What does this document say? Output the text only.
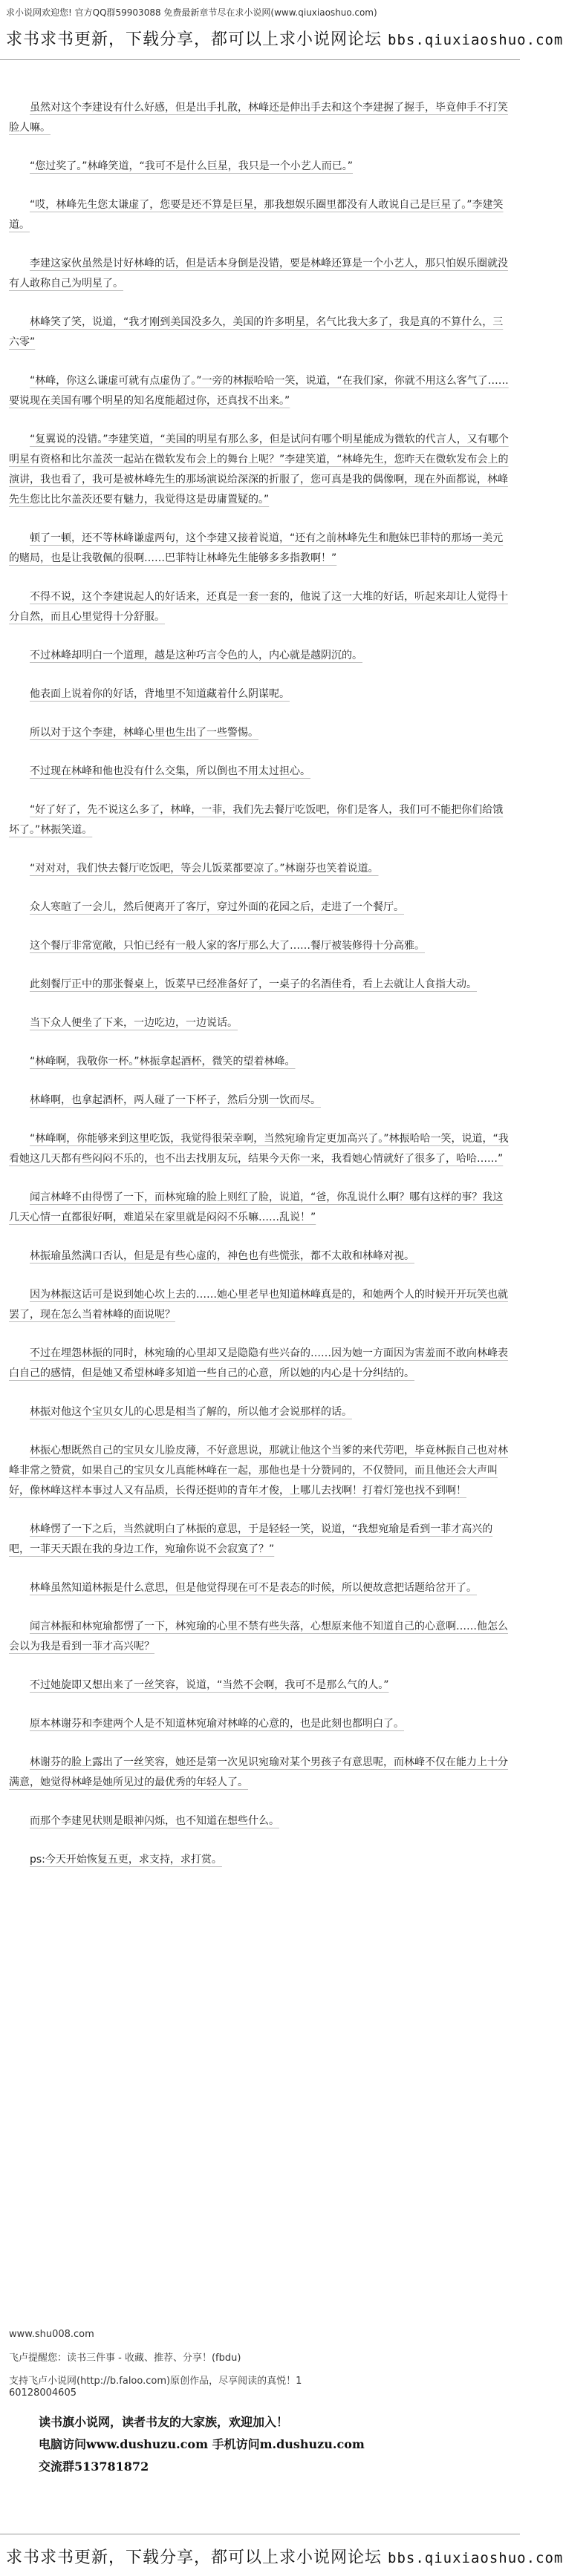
求小说网欢迎您! 官方QQ群59903088 免费最新章节尽在求小说网(www.qiuxiaoshuo.com)
求书求书更新，下载分享，都可以上求小说网论坛 bbs.qiuxiaoshuo.com

虽然对这个李建设有什么好感，但是出手扎散，林峰还是伸出手去和这个李建握了握手，毕竟伸手不打笑脸人嘛。

“您过奖了。”林峰笑道，“我可不是什么巨星，我只是一个小艺人而已。”

“哎，林峰先生您太谦虚了，您要是还不算是巨星，那我想娱乐圈里都没有人敢说自己是巨星了。”李建笑道。

李建这家伙虽然是讨好林峰的话，但是话本身倒是没错，要是林峰还算是一个小艺人，那只怕娱乐圈就没有人敢称自己为明星了。

林峰笑了笑，说道，“我才刚到美国没多久，美国的许多明星，名气比我大多了，我是真的不算什么，三六零”

“林峰，你这么谦虚可就有点虚伪了。”一旁的林振哈哈一笑，说道，“在我们家，你就不用这么客气了……要说现在美国有哪个明星的知名度能超过你，还真找不出来。”

“复翼说的没错。”李建笑道，“美国的明星有那么多，但是试问有哪个明星能成为微软的代言人，又有哪个明星有资格和比尔盖茨一起站在微软发布会上的舞台上呢？”李建笑道，“林峰先生，您昨天在微软发布会上的演讲，我也看了，我可是被林峰先生的那场演说给深深的折服了，您可真是我的偶像啊，现在外面都说，林峰先生您比比尔盖茨还要有魅力，我觉得这是毋庸置疑的。”

顿了一顿，还不等林峰谦虚两句，这个李建又接着说道，“还有之前林峰先生和胞妹巴菲特的那场一美元的赌局，也是让我敬佩的很啊……巴菲特让林峰先生能够多多指教啊！”

不得不说，这个李建说起人的好话来，还真是一套一套的，他说了这一大堆的好话，听起来却让人觉得十分自然，而且心里觉得十分舒服。

不过林峰却明白一个道理，越是这种巧言令色的人，内心就是越阴沉的。

他表面上说着你的好话，背地里不知道藏着什么阴谋呢。

所以对于这个李建，林峰心里也生出了一些警惕。

不过现在林峰和他也没有什么交集，所以倒也不用太过担心。

“好了好了，先不说这么多了，林峰，一菲，我们先去餐厅吃饭吧，你们是客人，我们可不能把你们给饿坏了。”林振笑道。

“对对对，我们快去餐厅吃饭吧，等会儿饭菜都要凉了。”林谢芬也笑着说道。

众人寒暄了一会儿，然后便离开了客厅，穿过外面的花园之后，走进了一个餐厅。

这个餐厅非常宽敞，只怕已经有一般人家的客厅那么大了……餐厅被装修得十分高雅。

此刻餐厅正中的那张餐桌上，饭菜早已经准备好了，一桌子的名酒佳肴，看上去就让人食指大动。

当下众人便坐了下来，一边吃边，一边说话。

“林峰啊，我敬你一杯。”林振拿起酒杯，微笑的望着林峰。

林峰啊，也拿起酒杯，两人碰了一下杯子，然后分别一饮而尽。

“林峰啊，你能够来到这里吃饭，我觉得很荣幸啊，当然宛瑜肯定更加高兴了。”林振哈哈一笑，说道，“我看她这几天都有些闷闷不乐的，也不出去找朋友玩，结果今天你一来，我看她心情就好了很多了，哈哈……”

闻言林峰不由得愣了一下，而林宛瑜的脸上则红了脸，说道，“爸，你乱说什么啊？哪有这样的事？我这几天心情一直都很好啊，难道呆在家里就是闷闷不乐嘛……乱说！”

林振瑜虽然满口否认，但是是有些心虚的，神色也有些慌张，都不太敢和林峰对视。

因为林振这话可是说到她心坎上去的……她心里老早也知道林峰真是的，和她两个人的时候开开玩笑也就罢了，现在怎么当着林峰的面说呢？

不过在埋怨林振的同时，林宛瑜的心里却又是隐隐有些兴奋的……因为她一方面因为害羞而不敢向林峰表白自己的感情，但是她又希望林峰多知道一些自己的心意，所以她的内心是十分纠结的。

林振对他这个宝贝女儿的心思是相当了解的，所以他才会说那样的话。

林振心想既然自己的宝贝女儿脸皮薄，不好意思说，那就让他这个当爹的来代劳吧，毕竟林振自己也对林峰非常之赞赏，如果自己的宝贝女儿真能林峰在一起，那他也是十分赞同的，不仅赞同，而且他还会大声叫好，像林峰这样本事过人又有品质，长得还挺帅的青年才俊，上哪儿去找啊！打着灯笼也找不到啊！

林峰愣了一下之后，当然就明白了林振的意思，于是轻轻一笑，说道，“我想宛瑜是看到一菲才高兴的吧，一菲天天跟在我的身边工作，宛瑜你说不会寂寞了？”

林峰虽然知道林振是什么意思，但是他觉得现在可不是表态的时候，所以便故意把话题给岔开了。

闻言林振和林宛瑜都愣了一下，林宛瑜的心里不禁有些失落，心想原来他不知道自己的心意啊……他怎么会以为我是看到一菲才高兴呢？

不过她旋即又想出来了一丝笑容，说道，“当然不会啊，我可不是那么气的人。”

原本林谢芬和李建两个人是不知道林宛瑜对林峰的心意的，也是此刻也都明白了。

林谢芬的脸上露出了一丝笑容，她还是第一次见识宛瑜对某个男孩子有意思呢，而林峰不仅在能力上十分满意，她觉得林峰是她所见过的最优秀的年轻人了。

而那个李建见状则是眼神闪烁，也不知道在想些什么。

ps:今天开始恢复五更，求支持，求打赏。

www.shu008.com
飞卢提醒您：读书三件事 - 收藏、推荐、分享！(fbdu)
支持飞卢小说网(http://b.faloo.com)原创作品，尽享阅读的真悦！1
60128004605
读书旗小说网，读者书友的大家族，欢迎加入！
电脑访问www.dushuzu.com 手机访问m.dushuzu.com
交流群513781872
求书求书更新，下载分享，都可以上求小说网论坛 bbs.qiuxiaoshuo.com
